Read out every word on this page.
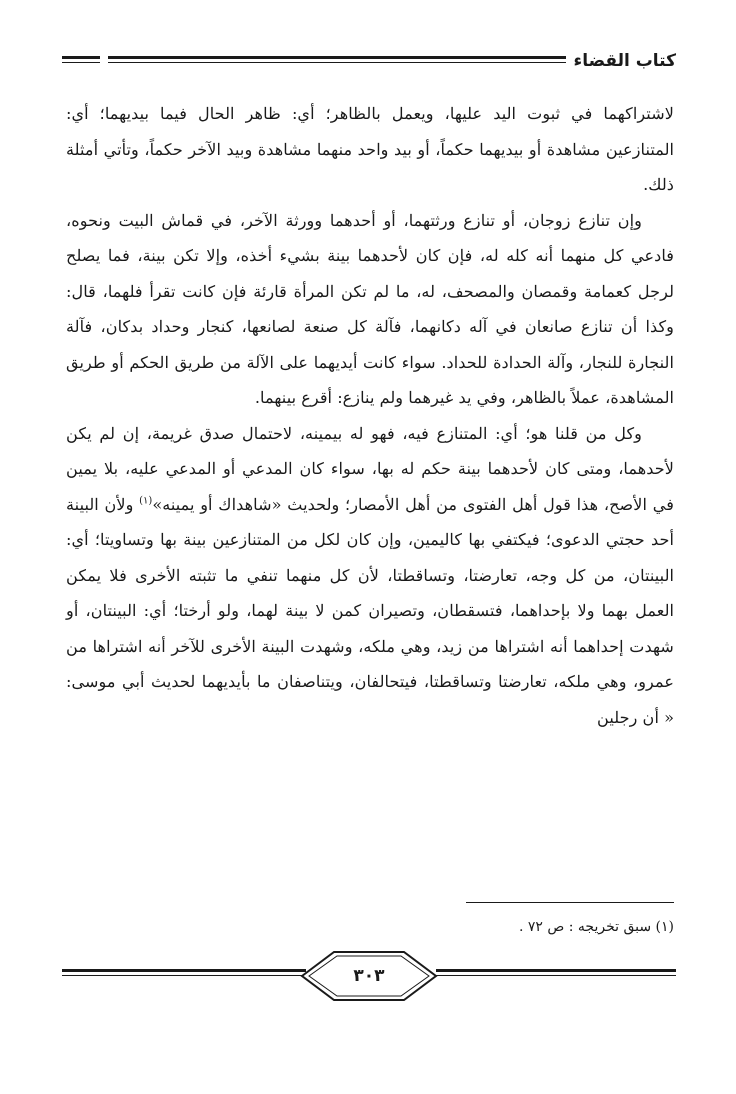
كتاب القضاء

لاشتراكهما في ثبوت اليد عليها، ويعمل بالظاهر؛ أي: ظاهر الحال فيما بيديهما؛ أي: المتنازعين مشاهدة أو بيديهما حكماً، أو بيد واحد منهما مشاهدة وبيد الآخر حكماً، وتأتي أمثلة ذلك.

وإن تنازع زوجان، أو تنازع ورثتهما، أو أحدهما وورثة الآخر، في قماش البيت ونحوه، فادعي كل منهما أنه كله له، فإن كان لأحدهما بينة بشيء أخذه، وإلا تكن بينة، فما يصلح لرجل كعمامة وقمصان والمصحف، له، ما لم تكن المرأة قارئة فإن كانت تقرأ فلهما، قال: وكذا أن تنازع صانعان في آله دكانهما، فآلة كل صنعة لصانعها، كنجار وحداد بدكان، فآلة النجارة للنجار، وآلة الحدادة للحداد. سواء كانت أيديهما على الآلة من طريق الحكم أو طريق المشاهدة، عملاً بالظاهر، وفي يد غيرهما ولم ينازع: أقرع بينهما.

وكل من قلنا هو؛ أي: المتنازع فيه، فهو له بيمينه، لاحتمال صدق غريمة، إن لم يكن لأحدهما، ومتى كان لأحدهما بينة حكم له بها، سواء كان المدعي أو المدعي عليه، بلا يمين في الأصح، هذا قول أهل الفتوى من أهل الأمصار؛ ولحديث «شاهداك أو يمينه»$^{(١)}$ ولأن البينة أحد حجتي الدعوى؛ فيكتفي بها كاليمين، وإن كان لكل من المتنازعين بينة بها وتساويتا؛ أي: البينتان، من كل وجه، تعارضتا، وتساقطتا، لأن كل منهما تنفي ما تثبته الأخرى فلا يمكن العمل بهما ولا بإحداهما، فتسقطان، وتصيران كمن لا بينة لهما، ولو أرختا؛ أي: البينتان، أو شهدت إحداهما أنه اشتراها من زيد، وهي ملكه، وشهدت البينة الأخرى للآخر أنه اشتراها من عمرو، وهي ملكه، تعارضتا وتساقطتا، فيتحالفان، ويتناصفان ما بأيديهما لحديث أبي موسى: « أن رجلين

(١) سبق تخريجه : ص ٧٢ .
٣٠٣
